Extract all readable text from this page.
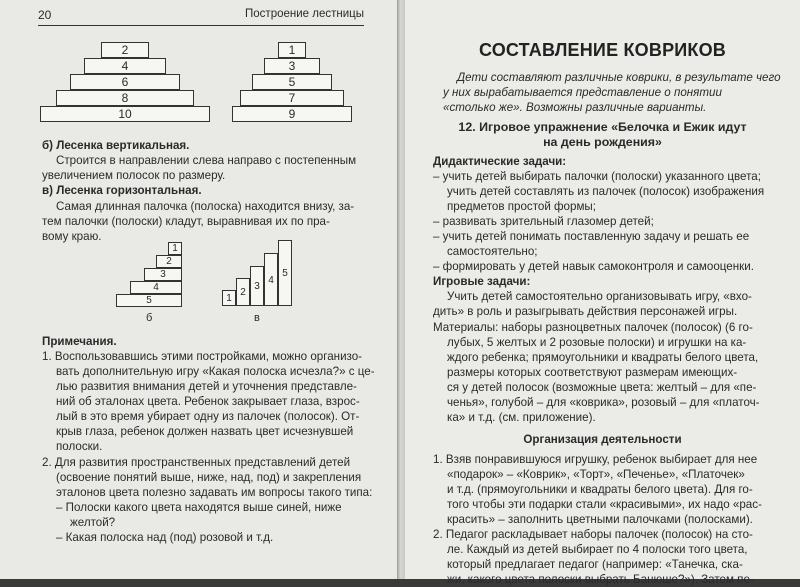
20	Построение лестницы
2
4
6
8
10
1
3
5
7
9
б) Лесенка вертикальная.
Строится в направлении слева направо с постепенным
увеличением полосок по размеру.
в) Лесенка горизонтальная.
Самая длинная палочка (полоска) находится внизу, за-
тем палочки (полоски) кладут, выравнивая их по пра-
вому краю.
1
2
3
4
5
б
1
2
3
4
5
в
Примечания.
1. Воспользовавшись этими постройками, можно организо-
вать дополнительную игру «Какая полоска исчезла?» с це-
лью развития внимания детей и уточнения представле-
ний об эталонах цвета. Ребенок закрывает глаза, взрос-
лый в это время убирает одну из палочек (полосок). От-
крыв глаза, ребенок должен назвать цвет исчезнувшей
полоски.
2. Для развития пространственных представлений детей
(освоение понятий выше, ниже, над, под) и закрепления
эталонов цвета полезно задавать им вопросы такого типа:
– Полоски какого цвета находятся выше синей, ниже
желтой?
– Какая полоска над (под) розовой и т.д.
СОСТАВЛЕНИЕ КОВРИКОВ
Дети составляют различные коврики, в результате чего
у них вырабатывается представление о понятии
«столько же». Возможны различные варианты.
12. Игровое упражнение «Белочка и Ежик идут
на день рождения»
Дидактические задачи:
– учить детей выбирать палочки (полоски) указанного цвета;
учить детей составлять из палочек (полосок) изображения
предметов простой формы;
– развивать зрительный глазомер детей;
– учить детей понимать поставленную задачу и решать ее
самостоятельно;
– формировать у детей навык самоконтроля и самооценки.
Игровые задачи:
Учить детей самостоятельно организовывать игру, «вхо-
дить» в роль и разыгрывать действия персонажей игры.
Материалы: наборы разноцветных палочек (полосок) (6 го-
лубых, 5 желтых и 2 розовые полоски) и игрушки на ка-
ждого ребенка; прямоугольники и квадраты белого цвета,
размеры которых соответствуют размерам имеющих-
ся у детей полосок (возможные цвета: желтый – для «пе-
ченья», голубой – для «коврика», розовый – для «платоч-
ка» и т.д. (см. приложение).
Организация деятельности
1. Взяв понравившуюся игрушку, ребенок выбирает для нее
«подарок» – «Коврик», «Торт», «Печенье», «Платочек»
и т.д. (прямоугольники и квадраты белого цвета). Для го-
того чтобы эти подарки стали «красивыми», их надо «рас-
красить» – заполнить цветными палочками (полосками).
2. Педагог раскладывает наборы палочек (полосок) на сто-
ле. Каждый из детей выбирает по 4 полоски того цвета,
который предлагает педагог (например: «Танечка, ска-
жи, какого цвета полоски выбрать Банюше?»). Затем пе-
